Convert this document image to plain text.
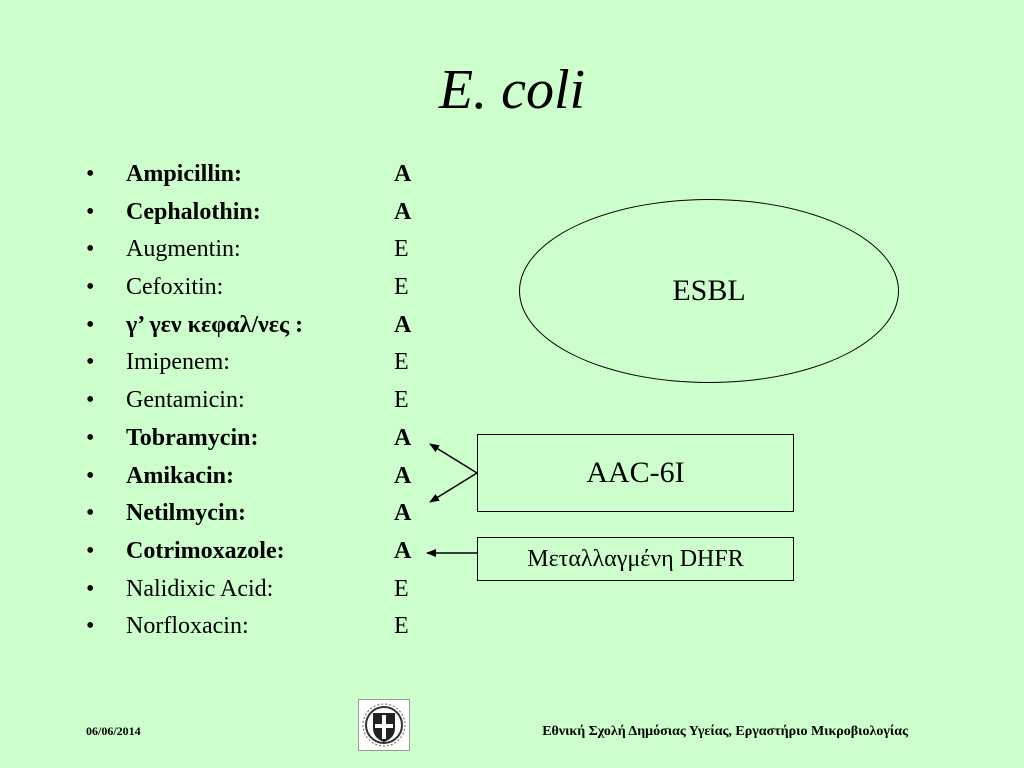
E. coli
• Ampicillin:	A
• Cephalothin:	A
• Augmentin:	E
• Cefoxitin:	E
• γ’ γεν κεφαλ/νες :	A
• Imipenem:	E
• Gentamicin:	E
• Tobramycin:	A
• Amikacin:	A
• Netilmycin:	A
• Cotrimoxazole:	A
• Nalidixic Acid:	E
• Norfloxacin:	E
ESBL
AAC-6I
Μεταλλαγμένη DHFR
06/06/2014	Εθνική Σχολή Δημόσιας Υγείας, Εργαστήριο Μικροβιολογίας
